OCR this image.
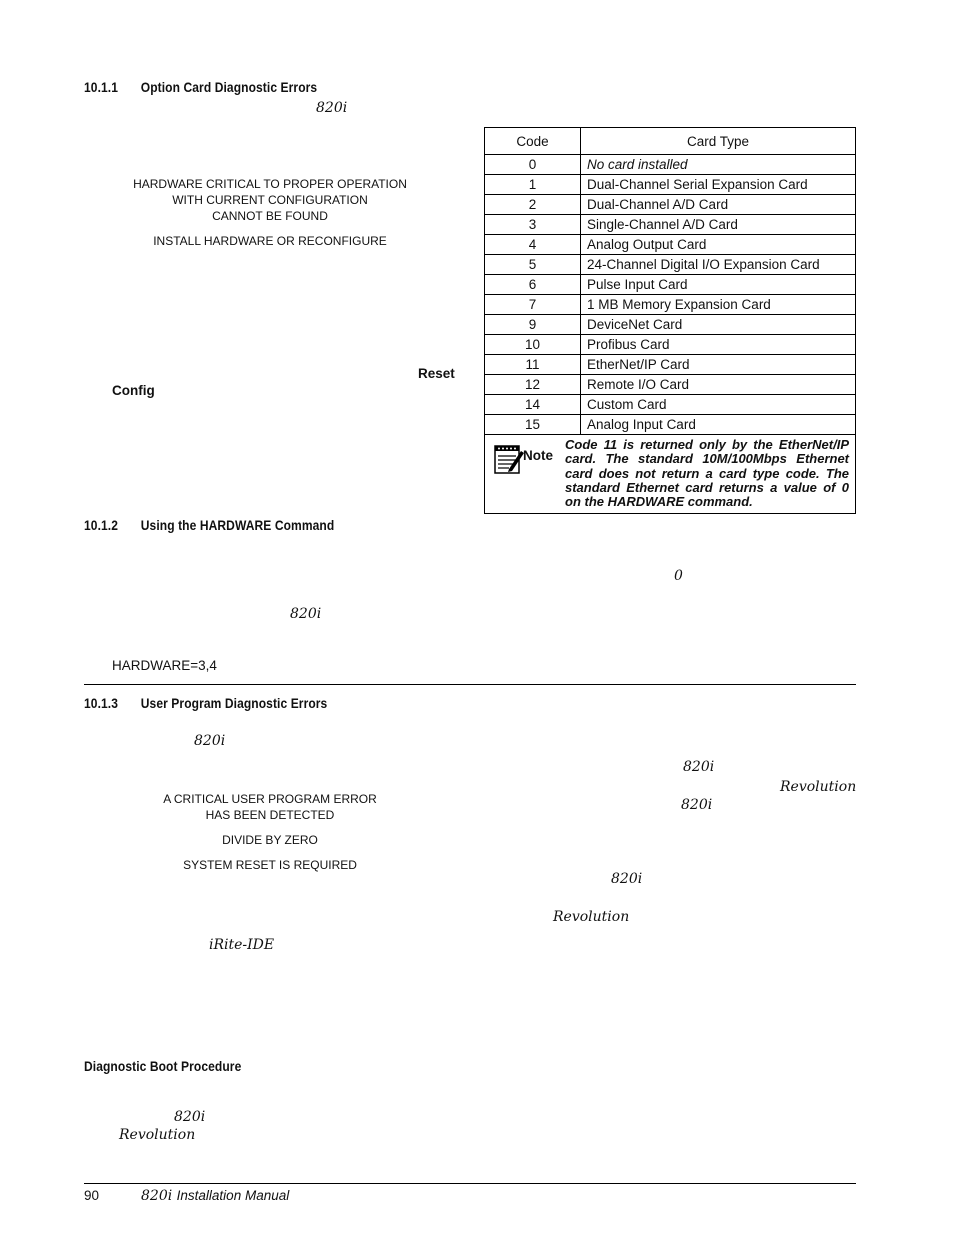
10.1.1 Option Card Diagnostic Errors
820i
HARDWARE CRITICAL TO PROPER OPERATION
WITH CURRENT CONFIGURATION
CANNOT BE FOUND
INSTALL HARDWARE OR RECONFIGURE
Reset
Config
Code	Card Type
0	No card installed
1	Dual-Channel Serial Expansion Card
2	Dual-Channel A/D Card
3	Single-Channel A/D Card
4	Analog Output Card
5	24-Channel Digital I/O Expansion Card
6	Pulse Input Card
7	1 MB Memory Expansion Card
9	DeviceNet Card
10	Profibus Card
11	EtherNet/IP Card
12	Remote I/O Card
14	Custom Card
15	Analog Input Card

Note
Code 11 is returned only by the EtherNet/IP card. The standard 10M/100Mbps Ethernet card does not return a card type code. The standard Ethernet card returns a value of 0 on the HARDWARE command.	
10.1.2 Using the HARDWARE Command
0
820i
HARDWARE=3,4
10.1.3 User Program Diagnostic Errors
820i
A CRITICAL USER PROGRAM ERROR
HAS BEEN DETECTED
DIVIDE BY ZERO
SYSTEM RESET IS REQUIRED
iRite-IDE
820i
Revolution
820i
820i
Revolution
Diagnostic Boot Procedure
820i
Revolution
90	820i Installation Manual
